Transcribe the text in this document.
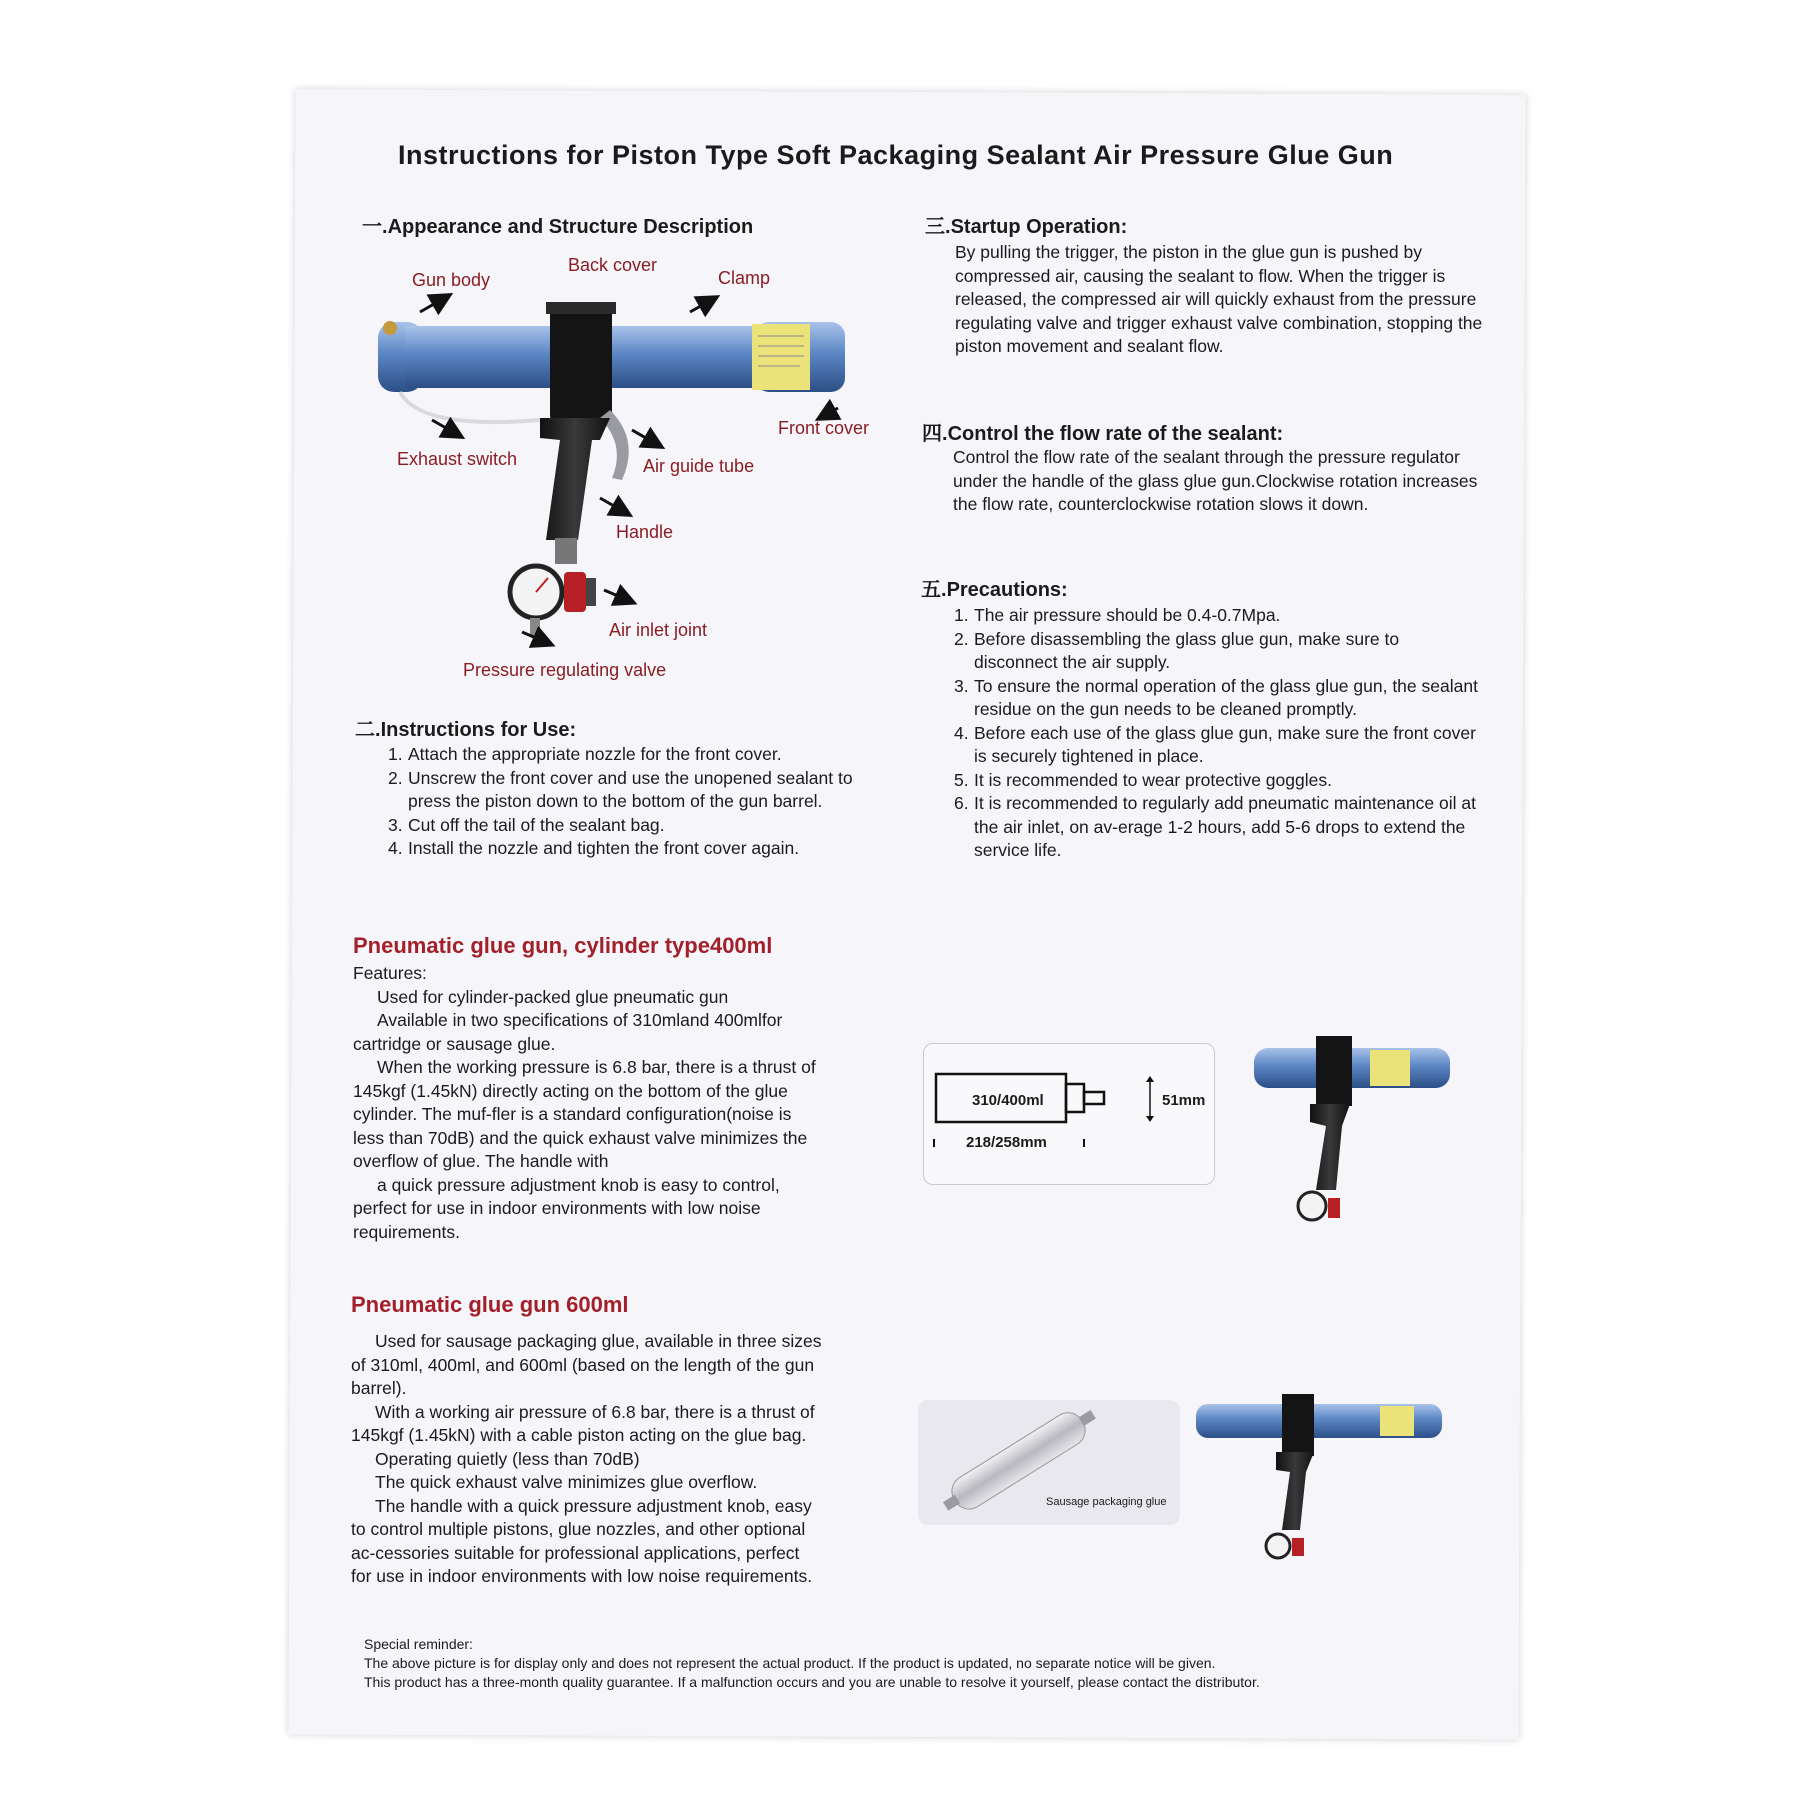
Instructions for Piston Type Soft Packaging Sealant Air Pressure Glue Gun
一.Appearance and Structure Description
Gun body
Back cover
Clamp
Front cover
Exhaust switch	Air guide tube
Handle
Air inlet joint
Pressure regulating valve
二.Instructions for Use:
1. Attach the appropriate nozzle for the front cover.
2. Unscrew the front cover and use the unopened sealant to press the piston down to the bottom of the gun barrel.
3. Cut off the tail of the sealant bag.
4. Install the nozzle and tighten the front cover again.
三.Startup Operation:
By pulling the trigger, the piston in the glue gun is pushed by compressed air, causing the sealant to flow. When the trigger is released, the compressed air will quickly exhaust from the pressure regulating valve and trigger exhaust valve combination, stopping the piston movement and sealant flow.
四.Control the flow rate of the sealant:
Control the flow rate of the sealant through the pressure regulator under the handle of the glass glue gun.Clockwise rotation increases the flow rate, counterclockwise rotation slows it down.
五.Precautions:
1. The air pressure should be 0.4-0.7Mpa.
2. Before disassembling the glass glue gun, make sure to disconnect the air supply.
3. To ensure the normal operation of the glass glue gun, the sealant residue on the gun needs to be cleaned promptly.
4. Before each use of the glass glue gun, make sure the front cover is securely tightened in place.
5. It is recommended to wear protective goggles.
6. It is recommended to regularly add pneumatic maintenance oil at the air inlet, on av-erage 1-2 hours, add 5-6 drops to extend the service life.
Pneumatic glue gun, cylinder type400ml

Features:

Used for cylinder-packed glue pneumatic gun

Available in two specifications of 310mland 400mlfor

cartridge or sausage glue.

When the working pressure is 6.8 bar, there is a thrust of

145kgf (1.45kN) directly acting on the bottom of the glue

cylinder. The muf-fler is a standard configuration(noise is

less than 70dB) and the quick exhaust valve minimizes the

overflow of glue. The handle with

a quick pressure adjustment knob is easy to control,

perfect for use in indoor environments with low noise

requirements.

310/400ml	51mm
218/258mm
Pneumatic glue gun 600ml

Used for sausage packaging glue, available in three sizes

of 310ml, 400ml, and 600ml (based on the length of the gun

barrel).

With a working air pressure of 6.8 bar, there is a thrust of

145kgf (1.45kN) with a cable piston acting on the glue bag.

Operating quietly (less than 70dB)

The quick exhaust valve minimizes glue overflow.

The handle with a quick pressure adjustment knob, easy

to control multiple pistons, glue nozzles, and other optional

ac-cessories suitable for professional applications, perfect

for use in indoor environments with low noise requirements.

Sausage packaging glue
Special reminder:
The above picture is for display only and does not represent the actual product. If the product is updated, no separate notice will be given.
This product has a three-month quality guarantee. If a malfunction occurs and you are unable to resolve it yourself, please contact the distributor.
